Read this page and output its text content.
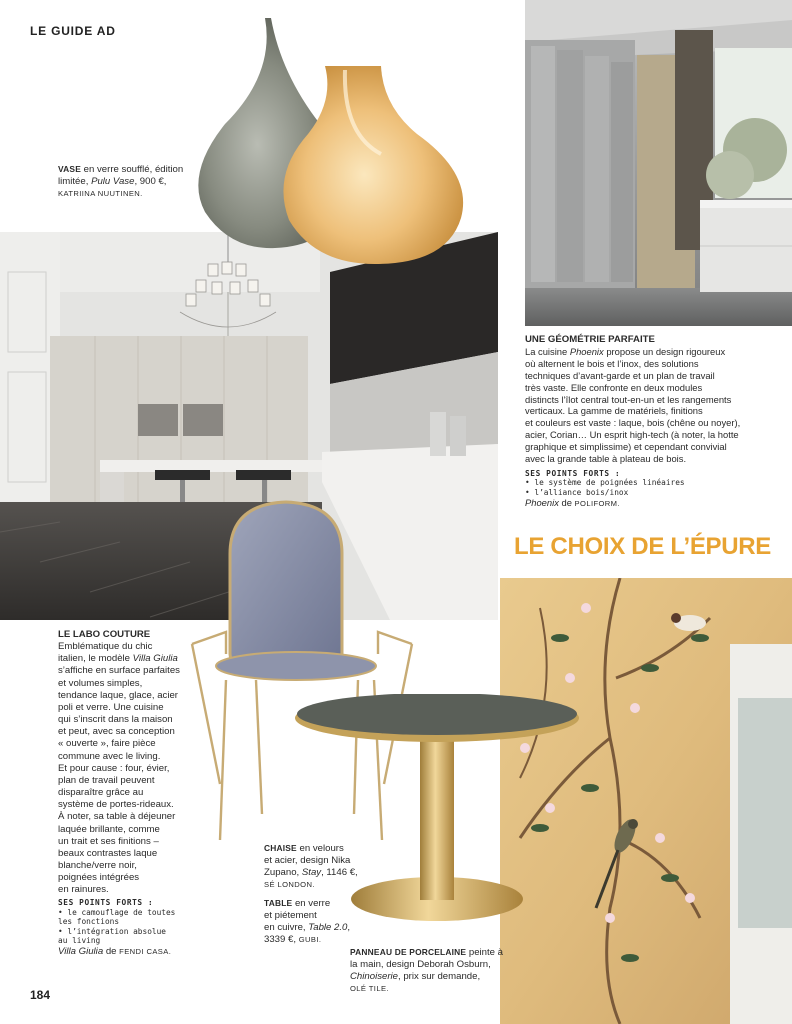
LE GUIDE AD
184
LE CHOIX DE L’ÉPURE
VASE en verre soufflé, édition
limitée, Pulu Vase, 900 €,
KATRIINA NUUTINEN.
UNE GÉOMÉTRIE PARFAITE
La cuisine Phoenix propose un design rigoureux
où alternent le bois et l’inox, des solutions
techniques d’avant-garde et un plan de travail
très vaste. Elle confronte en deux modules
distincts l’îlot central tout-en-un et les rangements
verticaux. La gamme de matériels, finitions
et couleurs est vaste : laque, bois (chêne ou noyer),
acier, Corian… Un esprit high-tech (à noter, la hotte
graphique et simplissime) et cependant convivial
avec la grande table à plateau de bois.
SES POINTS FORTS :
• le système de poignées linéaires
• l’alliance bois/inox
Phoenix de POLIFORM.
LE LABO COUTURE
Emblématique du chic
italien, le modèle Villa Giulia
s’affiche en surface parfaites
et volumes simples,
tendance laque, glace, acier
poli et verre. Une cuisine
qui s’inscrit dans la maison
et peut, avec sa conception
« ouverte », faire pièce
commune avec le living.
Et pour cause : four, évier,
plan de travail peuvent
disparaître grâce au
système de portes-rideaux.
À noter, sa table à déjeuner
laquée brillante, comme
un trait et ses finitions –
beaux contrastes laque
blanche/verre noir,
poignées intégrées
en rainures.
SES POINTS FORTS :
• le camouflage de toutes
les fonctions
• l’intégration absolue
au living
Villa Giulia de FENDI CASA.
CHAISE en velours
et acier, design Nika
Zupano, Stay, 1146 €,
SÉ LONDON.
TABLE en verre
et piétement
en cuivre, Table 2.0,
3339 €, GUBI.
PANNEAU DE PORCELAINE peinte à
la main, design Deborah Osburn,
Chinoiserie, prix sur demande,
OLÉ TILE.
